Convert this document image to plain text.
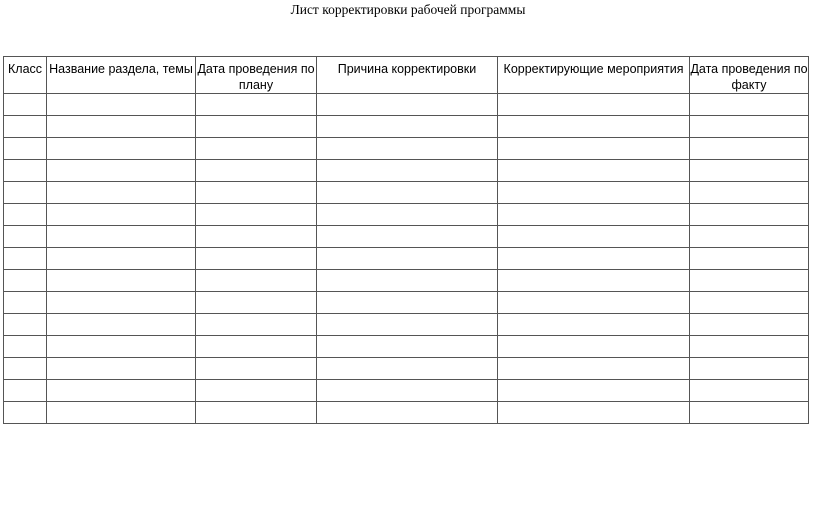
Лист корректировки рабочей программы
Класс	Название раздела, темы	Дата проведения по плану	Причина корректировки	Корректирующие мероприятия	Дата проведения по факту
